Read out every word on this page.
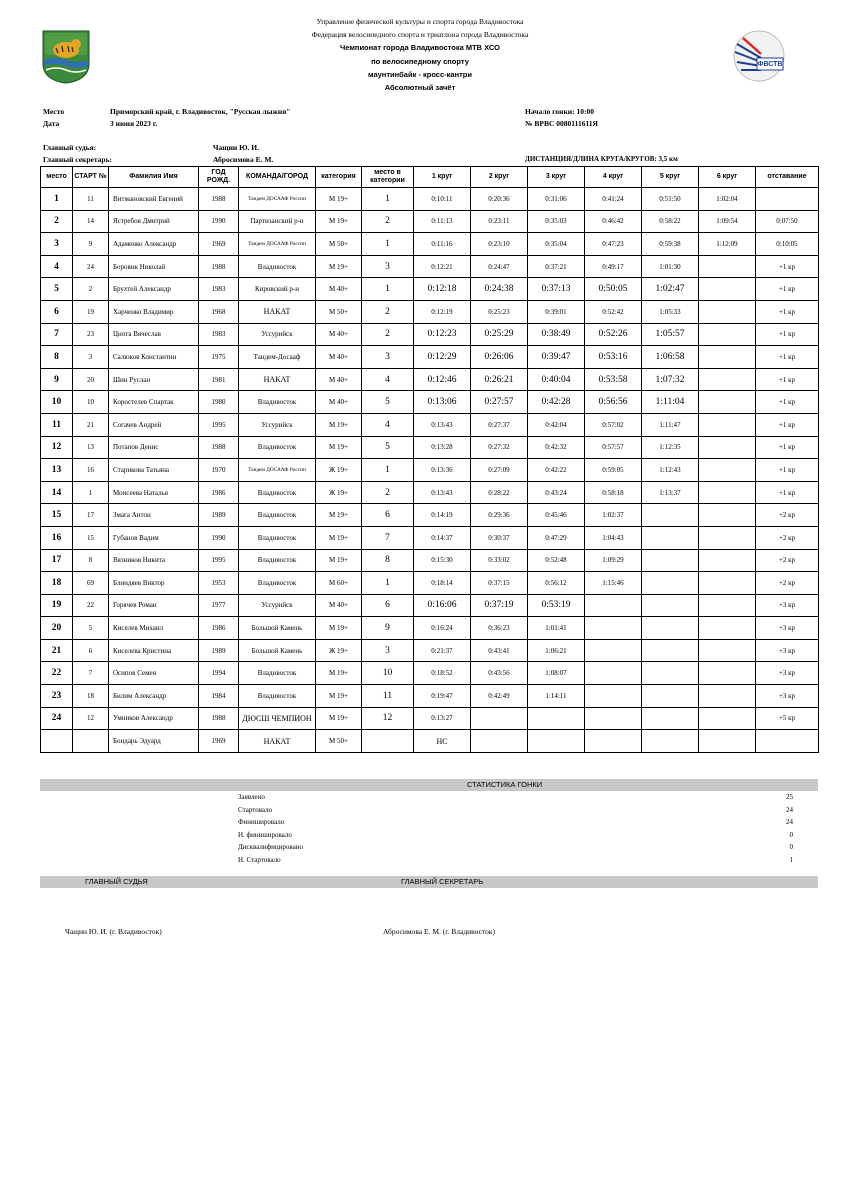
ФВСТВ
Управление физической культуры и спорта города Владивостока
Федерация велосипедного спорта и триатлона города Владивостока
Чемпионат города Владивостока МТВ ХСО
по велосипедному спорту
маунтинбайк - кросс-кантри
Абсолютный зачёт
Место	Приморский край, г. Владивосток, "Русская лыжня"
Дата	3 июня 2023 г.
Начало гонки: 10:00
№ ВРВС 0080111611Я
Главный судья:	Чащин Ю. И.
Главный секретарь:	Абросимова Е. М.	ДИСТАНЦИЯ/ДЛИНА КРУГА/КРУГОВ: 3,5 км
место	СТАРТ №	Фамилия Имя	ГОД РОЖД.	КОМАНДА/ГОРОД	категория	место в категории	1 круг	2 круг	3 круг	4 круг	5 круг	6 круг	отставание
1	11	Витмановский Евгений	1988	Тандем ДОСААФ России	М 19+	1	0:10:11	0:20:36	0:31:06	0:41:24	0:51:50	1:02:04	
2	14	Ястребов Дмитрий	1990	Партизанский р-н	М 19+	2	0:11:13	0:23:11	0:35:03	0:46:42	0:58:22	1:09:54	0:07:50
3	9	Адаменко Александр	1969	Тандем ДОСААФ России	М 50+	1	0:11:16	0:23:10	0:35:04	0:47:23	0:59:38	1:12:09	0:10:05
4	24	Боровик Николай	1988	Владивосток	М 19+	3	0:12:21	0:24:47	0:37:21	0:49:17	1:01:30		+1 кр
5	2	Брухтей Александр	1983	Кировский р-н	М 40+	1	0:12:18	0:24:38	0:37:13	0:50:05	1:02:47		+1 кр
6	19	Харченко Владимир	1968	НАКАТ	М 50+	2	0:12:19	0:25:23	0:39:01	0:52:42	1:05:33		+1 кр
7	23	Цнота Вячеслав	1983	Уссурийск	М 40+	2	0:12:23	0:25:29	0:38:49	0:52:26	1:05:57		+1 кр
8	3	Салюков Константин	1975	Тандем-Досааф	М 40+	3	0:12:29	0:26:06	0:39:47	0:53:16	1:06:58		+1 кр
9	20	Шин Руслан	1981	НАКАТ	М 40+	4	0:12:46	0:26:21	0:40:04	0:53:58	1:07:32		+1 кр
10	10	Коростелев Спартак	1980	Владивосток	М 40+	5	0:13:06	0:27:57	0:42:28	0:56:56	1:11:04		+1 кр
11	21	Согачев Андрей	1995	Уссурийск	М 19+	4	0:13:43	0:27:37	0:42:04	0:57:02	1:11:47		+1 кр
12	13	Потапов Денис	1988	Владивосток	М 19+	5	0:13:28	0:27:32	0:42:32	0:57:57	1:12:35		+1 кр
13	16	Старикова Татьяна	1970	Тандем ДОСААФ России	Ж 19+	1	0:13:36	0:27:09	0:42:22	0:59:05	1:12:43		+1 кр
14	1	Моисеева Наталья	1986	Владивосток	Ж 19+	2	0:13:43	0:28:22	0:43:24	0:58:18	1:13:37		+1 кр
15	17	Змага Антон	1989	Владивосток	М 19+	6	0:14:19	0:29:36	0:45:46	1:02:37			+2 кр
16	15	Губанов Вадим	1990	Владивосток	М 19+	7	0:14:37	0:30:37	0:47:29	1:04:43			+2 кр
17	8	Вязников Никита	1995	Владивосток	М 19+	8	0:15:30	0:33:02	0:52:48	1:09:29			+2 кр
18	69	Блиндяев Виктор	1953	Владивосток	М 60+	1	0:18:14	0:37:15	0:56:12	1:15:46			+2 кр
19	22	Горячев Роман	1977	Уссурийск	М 40+	6	0:16:06	0:37:19	0:53:19				+3 кр
20	5	Киселев Михаил	1986	Большой Камень	М 19+	9	0:16:24	0:36:23	1:01:41				+3 кр
21	6	Киселева Кристина	1989	Большой Камень	Ж 19+	3	0:21:37	0:43:41	1:06:21				+3 кр
22	7	Осипов Семен	1994	Владивосток	М 19+	10	0:18:52	0:43:56	1:08:07				+3 кр
23	18	Билим Александр	1984	Владивосток	М 19+	11	0:19:47	0:42:49	1:14:11				+3 кр
24	12	Умников Александр	1988	ДЮСШ ЧЕМПИОН	М 19+	12	0:13:27						+5 кр
		Бондарь Эдуард	1969	НАКАТ	М 50+		НС						
СТАТИСТИКА ГОНКИ
Заявлено	25
Стартовало	24
Финишировало	24
Н. финишировало	0
Дисквалифицировано	0
Н. Стартовало	1
ГЛАВНЫЙ СУДЬЯ	ГЛАВНЫЙ СЕКРЕТАРЬ
Чащин Ю. И. (г. Владивосток)	Абросимова Е. М. (г. Владивосток)
